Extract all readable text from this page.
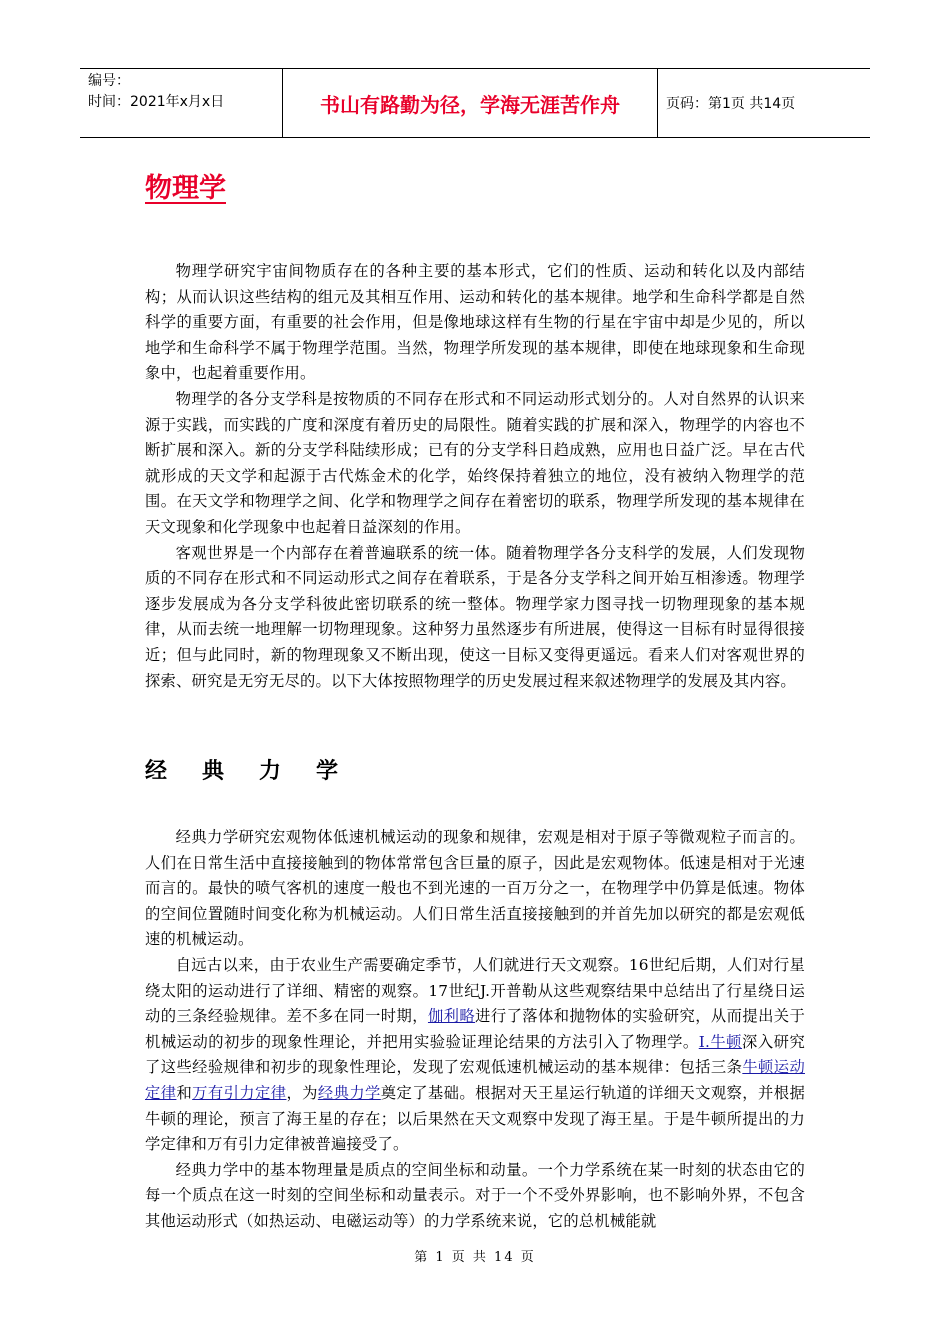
编号：
时间：2021年x月x日	书山有路勤为径，学海无涯苦作舟	页码：第1页 共14页
物理学

物理学研究宇宙间物质存在的各种主要的基本形式，它们的性质、运动和转化以及内部结构；从而认识这些结构的组元及其相互作用、运动和转化的基本规律。地学和生命科学都是自然科学的重要方面，有重要的社会作用，但是像地球这样有生物的行星在宇宙中却是少见的，所以地学和生命科学不属于物理学范围。当然，物理学所发现的基本规律，即使在地球现象和生命现象中，也起着重要作用。

物理学的各分支学科是按物质的不同存在形式和不同运动形式划分的。人对自然界的认识来源于实践，而实践的广度和深度有着历史的局限性。随着实践的扩展和深入，物理学的内容也不断扩展和深入。新的分支学科陆续形成；已有的分支学科日趋成熟，应用也日益广泛。早在古代就形成的天文学和起源于古代炼金术的化学，始终保持着独立的地位，没有被纳入物理学的范围。在天文学和物理学之间、化学和物理学之间存在着密切的联系，物理学所发现的基本规律在天文现象和化学现象中也起着日益深刻的作用。

客观世界是一个内部存在着普遍联系的统一体。随着物理学各分支科学的发展，人们发现物质的不同存在形式和不同运动形式之间存在着联系，于是各分支学科之间开始互相渗透。物理学逐步发展成为各分支学科彼此密切联系的统一整体。物理学家力图寻找一切物理现象的基本规律，从而去统一地理解一切物理现象。这种努力虽然逐步有所进展，使得这一目标有时显得很接近；但与此同时，新的物理现象又不断出现，使这一目标又变得更遥远。看来人们对客观世界的探索、研究是无穷无尽的。以下大体按照物理学的历史发展过程来叙述物理学的发展及其内容。

经典力学

经典力学研究宏观物体低速机械运动的现象和规律，宏观是相对于原子等微观粒子而言的。人们在日常生活中直接接触到的物体常常包含巨量的原子，因此是宏观物体。低速是相对于光速而言的。最快的喷气客机的速度一般也不到光速的一百万分之一，在物理学中仍算是低速。物体的空间位置随时间变化称为机械运动。人们日常生活直接接触到的并首先加以研究的都是宏观低速的机械运动。

自远古以来，由于农业生产需要确定季节，人们就进行天文观察。16世纪后期，人们对行星绕太阳的运动进行了详细、精密的观察。17世纪J.开普勒从这些观察结果中总结出了行星绕日运动的三条经验规律。差不多在同一时期，伽利略进行了落体和抛物体的实验研究，从而提出关于机械运动的初步的现象性理论，并把用实验验证理论结果的方法引入了物理学。I.牛顿深入研究了这些经验规律和初步的现象性理论，发现了宏观低速机械运动的基本规律：包括三条牛顿运动定律和万有引力定律，为经典力学奠定了基础。根据对天王星运行轨道的详细天文观察，并根据牛顿的理论，预言了海王星的存在；以后果然在天文观察中发现了海王星。于是牛顿所提出的力学定律和万有引力定律被普遍接受了。

经典力学中的基本物理量是质点的空间坐标和动量。一个力学系统在某一时刻的状态由它的每一个质点在这一时刻的空间坐标和动量表示。对于一个不受外界影响，也不影响外界，不包含其他运动形式（如热运动、电磁运动等）的力学系统来说，它的总机械能就

第 1 页 共 14 页
